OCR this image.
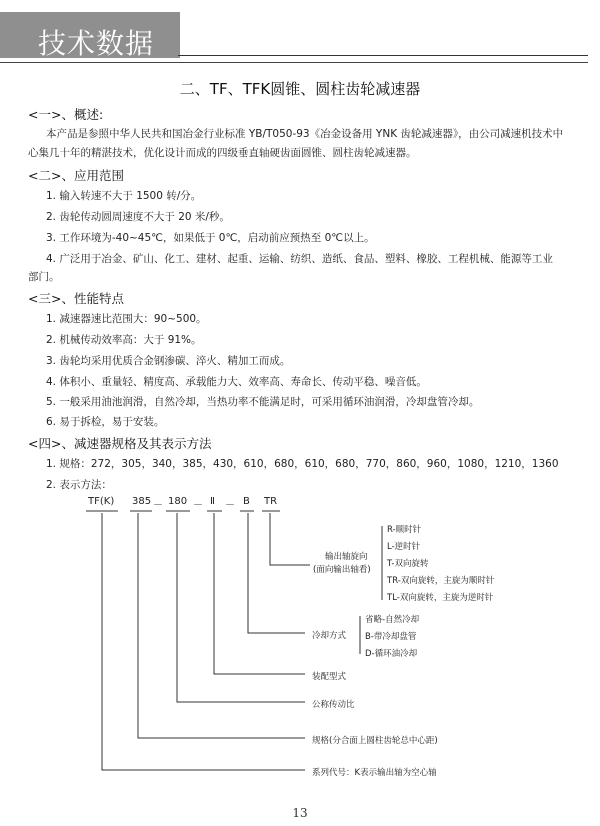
技术数据
二、TF、TFK圆锥、圆柱齿轮减速器
<一>、概述:
本产品是参照中华人民共和国冶金行业标准 YB/T050-93《冶金设备用 YNK 齿轮减速器》，由公司减速机技术中
心集几十年的精湛技术，优化设计而成的四级垂直轴硬齿面圆锥、圆柱齿轮减速器。
<二>、应用范围
1. 输入转速不大于 1500 转/分。
2. 齿轮传动圆周速度不大于 20 米/秒。
3. 工作环境为-40~45℃，如果低于 0℃，启动前应预热至 0℃以上。
4. 广泛用于冶金、矿山、化工、建材、起重、运输、纺织、造纸、食品、塑料、橡胶、工程机械、能源等工业
部门。
<三>、性能特点
1. 减速器速比范围大：90~500。
2. 机械传动效率高：大于 91%。
3. 齿轮均采用优质合金钢渗碳、淬火、精加工而成。
4. 体积小、重量轻、精度高、承载能力大、效率高、寿命长、传动平稳、噪音低。
5. 一般采用油池润滑，自然冷却，当热功率不能满足时，可采用循环油润滑，冷却盘管冷却。
6. 易于拆检，易于安装。
<四>、减速器规格及其表示方法
1. 规格：272，305，340，385，430，610，680，610，680，770，860，960，1080，1210，1360
2. 表示方法：
TF(K) 385 － 180 － Ⅱ － B TR
输出轴旋向
(面向输出轴看)
R-顺时针
L-逆时针
T-双向旋转
TR-双向旋转，主旋为顺时针
TL-双向旋转，主旋为逆时针
冷却方式
省略-自然冷却
B-带冷却盘管
D-循环油冷却
装配型式
公称传动比
规格(分合面上圆柱齿轮总中心距)
系列代号：K表示输出轴为空心轴
13
